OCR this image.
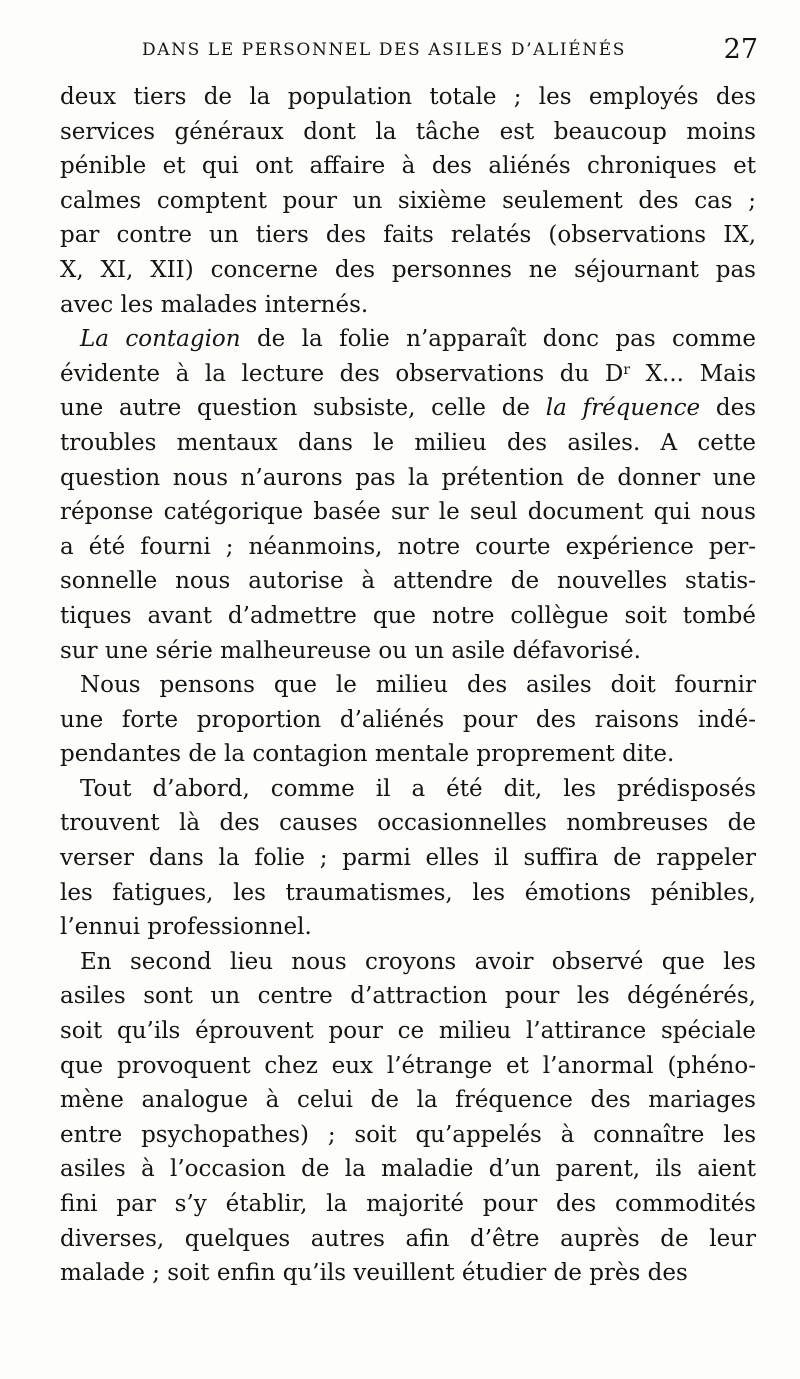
DANS LE PERSONNEL DES ASILES D’ALIÉNÉS	27
deux tiers de la population totale ; les employés des
services généraux dont la tâche est beaucoup moins
pénible et qui ont affaire à des aliénés chroniques et
calmes comptent pour un sixième seulement des cas ;
par contre un tiers des faits relatés (observations IX,
X, XI, XII) concerne des personnes ne séjournant pas
avec les malades internés.
La contagion de la folie n’apparaît donc pas comme
évidente à la lecture des observations du $D^r$ X... Mais
une autre question subsiste, celle de la fréquence des
troubles mentaux dans le milieu des asiles. A cette
question nous n’aurons pas la prétention de donner une
réponse catégorique basée sur le seul document qui nous
a été fourni ; néanmoins, notre courte expérience per-
sonnelle nous autorise à attendre de nouvelles statis-
tiques avant d’admettre que notre collègue soit tombé
sur une série malheureuse ou un asile défavorisé.
Nous pensons que le milieu des asiles doit fournir
une forte proportion d’aliénés pour des raisons indé-
pendantes de la contagion mentale proprement dite.
Tout d’abord, comme il a été dit, les prédisposés
trouvent là des causes occasionnelles nombreuses de
verser dans la folie ; parmi elles il suffira de rappeler
les fatigues, les traumatismes, les émotions pénibles,
l’ennui professionnel.
En second lieu nous croyons avoir observé que les
asiles sont un centre d’attraction pour les dégénérés,
soit qu’ils éprouvent pour ce milieu l’attirance spéciale
que provoquent chez eux l’étrange et l’anormal (phéno-
mène analogue à celui de la fréquence des mariages
entre psychopathes) ; soit qu’appelés à connaître les
asiles à l’occasion de la maladie d’un parent, ils aient
fini par s’y établir, la majorité pour des commodités
diverses, quelques autres afin d’être auprès de leur
malade ; soit enfin qu’ils veuillent étudier de près des
